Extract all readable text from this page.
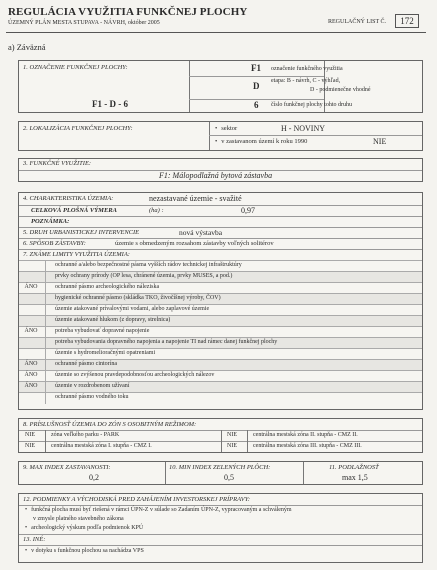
REGULÁCIA VYUŽITIA FUNKČNEJ PLOCHY
ÚZEMNÝ PLÁN MESTA STUPAVA - NÁVRH, október 2005	REGULAČNÝ LIST Č.	172
a) Záväzná
1. OZNAČENIE FUNKČNEJ PLOCHY:
F1 - D - 6
F1
D
6
označenie funkčného využitia
etapa: B - návrh, C - výhľad,
D - podmienečne vhodné
číslo funkčnej plochy tohto druhu
2. LOKALIZÁCIA FUNKČNEJ PLOCHY:
•	sektor	H - NOVINY
• v zastavanom území k roku 1990	NIE
3. FUNKČNÉ VYUŽITIE:
F1: Málopodlažná bytová zástavba
4. CHARAKTERISTIKA ÚZEMIA:	nezastavané územie - svažité
CELKOVÁ PLOŠNÁ VÝMERA	(ha) :	0,97
POZNÁMKA:
5. DRUH URBANISTICKEJ INTERVENCIE	nová výstavba
6. SPÔSOB ZÁSTAVBY:	územie s obmedzeným rozsahom zástavby voľných solitérov
7. ZNÁME LIMITY VYUŽITIA ÚZEMIA:
ochranné a/alebo bezpečnostné pásma vyšších rádov technickej infraštruktúry
prvky ochrany prírody (OP lesa, chránené územia, prvky MUSES, a pod.)
ÁNO	ochranné pásmo archeologického náleziska
hygienické ochranné pásmo (skládka TKO, živočíšnej výroby, ČOV)
územie atakované prívalovými vodami, alebo zaplavové územie
územie atakované hlukom (z dopravy, strelnica)
ÁNO	potreba vybudovať dopravné napojenie
potreba vybudovania dopravného napojenia a napojenie TI nad rámec danej funkčnej plochy
územie s hydromelioračnými opatreniami
ÁNO	ochranné pásmo cintorína
ÁNO	územie so zvýšenou pravdepodobnosťou archeologických nálezov
ÁNO	územie v rozdrobenom užívaní
ochranné pásmo vodného toku
8. PRÍSLUŠNOSŤ ÚZEMIA DO ZÓN S OSOBITNÝM REŽIMOM:
NIE	zóna veľkého parku - PARK	NIE	centrálna mestská zóna II. stupňa - CMZ II.
NIE	centrálna mestská zóna I. stupňa - CMZ I.	NIE	centrálna mestská zóna III. stupňa - CMZ III.
9. MAX INDEX ZASTAVANOSTI:
0,2
10. MIN INDEX ZELENÝCH PLÔCH:
0,5
11. PODLAŽNOSŤ
max 1,5
12. PODMIENKY A VÝCHODISKÁ PRED ZAHÁJENÍM INVESTORSKEJ PRÍPRAVY:
• funkčná plocha musí byť riešená v rámci ÚPN-Z v súlade so Zadaním ÚPN-Z, vypracovaným a schváleným
v zmysle platného stavebného zákona
• archeologický výskum podľa podmienok KPÚ
13. INÉ:
• v dotyku s funkčnou plochou sa nachádza VPS
